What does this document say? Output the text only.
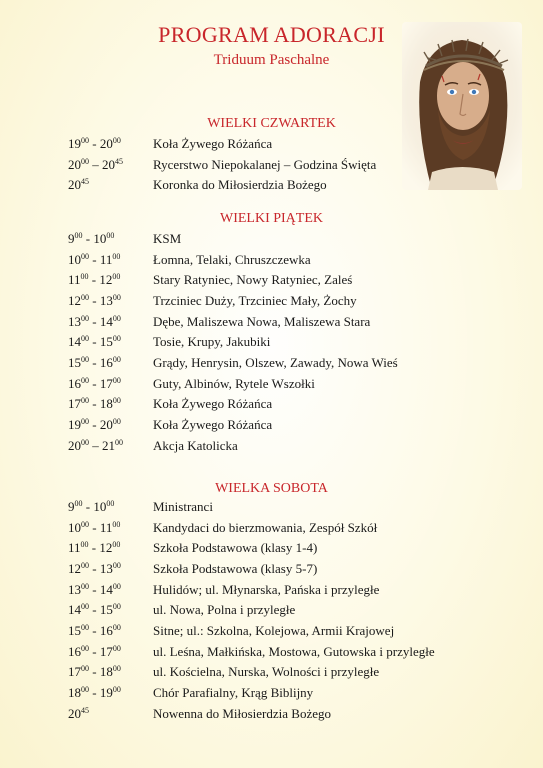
PROGRAM ADORACJI
Triduum Paschalne
WIELKI CZWARTEK
$19^{00} - 20^{00}$ Koła Żywego Różańca
$20^{00} - 20^{45}$ Rycerstwo Niepokalanej – Godzina Święta
$20^{45}$	Koronka do Miłosierdzia Bożego
WIELKI PIĄTEK
$9^{00} - 10^{00}$	KSM
$10^{00} - 11^{00}$	Łomna, Telaki, Chruszczewka
$11^{00} - 12^{00}$	Stary Ratyniec, Nowy Ratyniec, Zaleś
$12^{00} - 13^{00}$ Trzciniec Duży, Trzciniec Mały, Żochy
$13^{00} - 14^{00}$ Dębe, Maliszewa Nowa, Maliszewa Stara
$14^{00} - 15^{00}$ Tosie, Krupy, Jakubiki
$15^{00} - 16^{00}$ Grądy, Henrysin, Olszew, Zawady, Nowa Wieś
$16^{00} - 17^{00}$ Guty, Albinów, Rytele Wszołki
$17^{00} - 18^{00}$ Koła Żywego Różańca
$19^{00} - 20^{00}$ Koła Żywego Różańca
$20^{00} - 21^{00}$ Akcja Katolicka
WIELKA SOBOTA
$9^{00} - 10^{00}$	Ministranci
$10^{00} - 11^{00}$	Kandydaci do bierzmowania, Zespół Szkół
$11^{00} - 12^{00}$	Szkoła Podstawowa (klasy 1-4)
$12^{00} - 13^{00}$ Szkoła Podstawowa (klasy 5-7)
$13^{00} - 14^{00}$ Hulidów; ul. Młynarska, Pańska i przyległe
$14^{00} - 15^{00}$ ul. Nowa, Polna i przyległe
$15^{00} - 16^{00}$ Sitne; ul.: Szkolna, Kolejowa, Armii Krajowej
$16^{00} - 17^{00}$ ul. Leśna, Małkińska, Mostowa, Gutowska i przyległe
$17^{00} - 18^{00}$ ul. Kościelna, Nurska, Wolności i przyległe
$18^{00} - 19^{00}$ Chór Parafialny, Krąg Biblijny
$20^{45}$	Nowenna do Miłosierdzia Bożego
